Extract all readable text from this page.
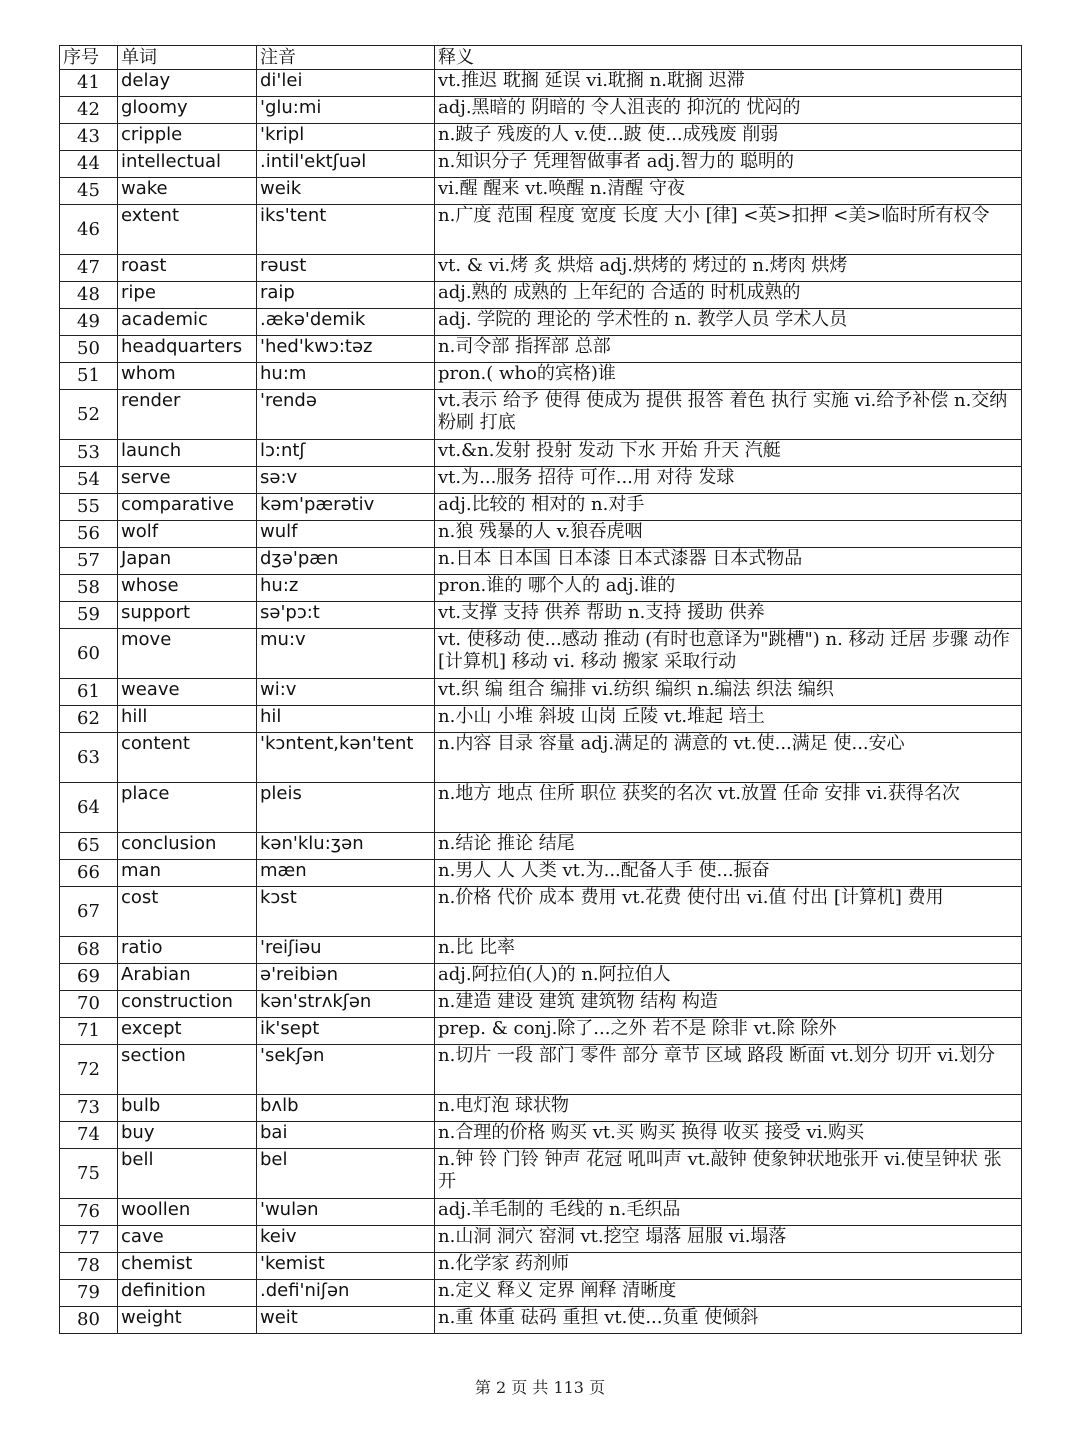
序号	单词	注音	释义
41	delay	di'lei	vt.推迟 耽搁 延误 vi.耽搁 n.耽搁 迟滞
42	gloomy	'glu:mi	adj.黑暗的 阴暗的 令人沮丧的 抑沉的 忧闷的
43	cripple	'kripl	n.跛子 残废的人 v.使...跛 使...成残废 削弱
44	intellectual	.intil'ektʃuəl	n.知识分子 凭理智做事者 adj.智力的 聪明的
45	wake	weik	vi.醒 醒来 vt.唤醒 n.清醒 守夜
46	extent	iks'tent	n.广度 范围 程度 宽度 长度 大小 [律] <英>扣押 <美>临时所有权令
47	roast	rəust	vt. & vi.烤 炙 烘焙 adj.烘烤的 烤过的 n.烤肉 烘烤
48	ripe	raip	adj.熟的 成熟的 上年纪的 合适的 时机成熟的
49	academic	.ækə'demik	adj. 学院的 理论的 学术性的 n. 教学人员 学术人员
50	headquarters	'hed'kwɔ:təz	n.司令部 指挥部 总部
51	whom	hu:m	pron.( who的宾格)谁
52	render	'rendə	vt.表示 给予 使得 使成为 提供 报答 着色 执行 实施 vi.给予补偿 n.交纳 粉刷 打底
53	launch	lɔ:ntʃ	vt.&n.发射 投射 发动 下水 开始 升天 汽艇
54	serve	sə:v	vt.为...服务 招待 可作...用 对待 发球
55	comparative	kəm'pærətiv	adj.比较的 相对的 n.对手
56	wolf	wulf	n.狼 残暴的人 v.狼吞虎咽
57	Japan	dʒə'pæn	n.日本 日本国 日本漆 日本式漆器 日本式物品
58	whose	hu:z	pron.谁的 哪个人的 adj.谁的
59	support	sə'pɔ:t	vt.支撑 支持 供养 帮助 n.支持 援助 供养
60	move	mu:v	vt. 使移动 使...感动 推动 (有时也意译为"跳槽") n. 移动 迁居 步骤 动作 [计算机] 移动 vi. 移动 搬家 采取行动
61	weave	wi:v	vt.织 编 组合 编排 vi.纺织 编织 n.编法 织法 编织
62	hill	hil	n.小山 小堆 斜坡 山岗 丘陵 vt.堆起 培土
63	content	'kɔntent,kən'tent	n.内容 目录 容量 adj.满足的 满意的 vt.使...满足 使...安心
64	place	pleis	n.地方 地点 住所 职位 获奖的名次 vt.放置 任命 安排 vi.获得名次
65	conclusion	kən'klu:ʒən	n.结论 推论 结尾
66	man	mæn	n.男人 人 人类 vt.为...配备人手 使...振奋
67	cost	kɔst	n.价格 代价 成本 费用 vt.花费 使付出 vi.值 付出 [计算机] 费用
68	ratio	'reiʃiəu	n.比 比率
69	Arabian	ə'reibiən	adj.阿拉伯(人)的 n.阿拉伯人
70	construction	kən'strʌkʃən	n.建造 建设 建筑 建筑物 结构 构造
71	except	ik'sept	prep. & conj.除了...之外 若不是 除非 vt.除 除外
72	section	'sekʃən	n.切片 一段 部门 零件 部分 章节 区域 路段 断面 vt.划分 切开 vi.划分
73	bulb	bʌlb	n.电灯泡 球状物
74	buy	bai	n.合理的价格 购买 vt.买 购买 换得 收买 接受 vi.购买
75	bell	bel	n.钟 铃 门铃 钟声 花冠 吼叫声 vt.敲钟 使象钟状地张开 vi.使呈钟状 张开
76	woollen	'wulən	adj.羊毛制的 毛线的 n.毛织品
77	cave	keiv	n.山洞 洞穴 窑洞 vt.挖空 塌落 屈服 vi.塌落
78	chemist	'kemist	n.化学家 药剂师
79	definition	.defi'niʃən	n.定义 释义 定界 阐释 清晰度
80	weight	weit	n.重 体重 砝码 重担 vt.使...负重 使倾斜
第 2 页 共 113 页
